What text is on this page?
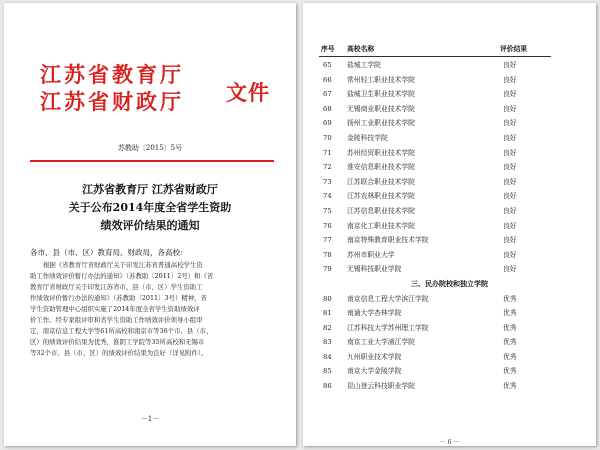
江苏省教育厅
江苏省财政厅 文件
苏教助〔2015〕5号
江苏省教育厅 江苏省财政厅
关于公布2014年度全省学生资助
绩效评价结果的通知
各市、县（市、区）教育局、财政局，各高校：
根据《省教育厅省财政厅关于印发江苏省普通高校学生资
助工作绩效评价暂行办法的通知》（苏教助〔2011〕2号）和《省
教育厅省财政厅关于印发江苏省市、县（市、区）学生资助工
作绩效评价暂行办法的通知》（苏教助〔2011〕3号）精神，省
学生资助管理中心组织实施了2014年度全省学生资助绩效评
价工作。经专家组评审和省学生资助工作绩效评价领导小组审
定，南京信息工程大学等61所高校和南京市等36个市、县（市、
区）的绩效评价结果为优秀，淮阴工学院等35所高校和无锡市
等32个市、县（市、区）的绩效评价结果为良好（详见附件）。
－1－
序号 高校名称	评价结果
65 盐城工学院	良好
66 常州轻工职业技术学院	良好
67 盐城卫生职业技术学院	良好
68 无锡商业职业技术学院	良好
69 扬州工业职业技术学院	良好
70 金陵科技学院	良好
71 苏州经贸职业技术学院	良好
72 淮安信息职业技术学院	良好
73 江苏联合职业技术学院	良好
74 江苏农林职业技术学院	良好
75 江苏信息职业技术学院	良好
76 南京化工职业技术学院	良好
77 南京特殊教育职业技术学院	良好
78 苏州市职业大学	良好
79 无锡科技职业学院	良好
三、民办院校和独立学院
80 南京信息工程大学滨江学院	优秀
81 南通大学杏林学院	优秀
82 江苏科技大学苏州理工学院	优秀
83 南京工业大学浦江学院	优秀
84 九州职业技术学院	优秀
85 南京大学金陵学院	优秀
86 昆山登云科技职业学院	优秀
－ 6 －
